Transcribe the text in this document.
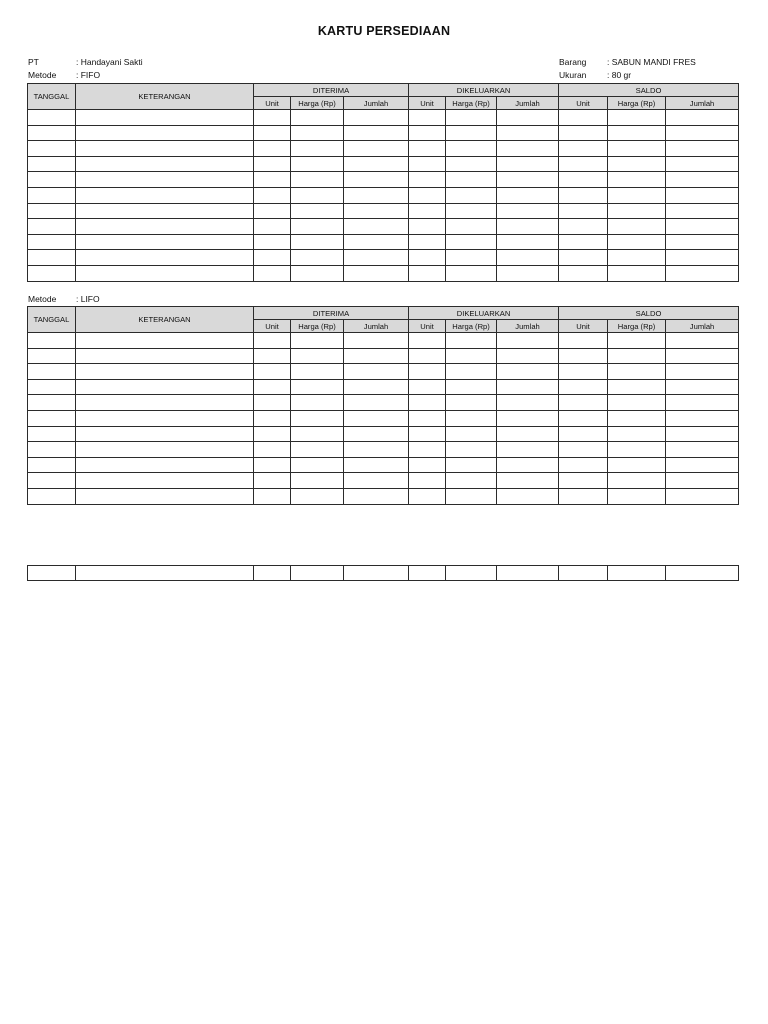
KARTU PERSEDIAAN
PT	: Handayani Sakti
Metode	: FIFO
Barang	: SABUN MANDI FRES
Ukuran	: 80 gr
TANGGAL	KETERANGAN	DITERIMA			DIKELUARKAN			SALDO		
		Unit	Harga (Rp)	Jumlah	Unit	Harga (Rp)	Jumlah	Unit	Harga (Rp)	Jumlah

Metode	: LIFO
TANGGAL	KETERANGAN	DITERIMA			DIKELUARKAN			SALDO		
		Unit	Harga (Rp)	Jumlah	Unit	Harga (Rp)	Jumlah	Unit	Harga (Rp)	Jumlah
